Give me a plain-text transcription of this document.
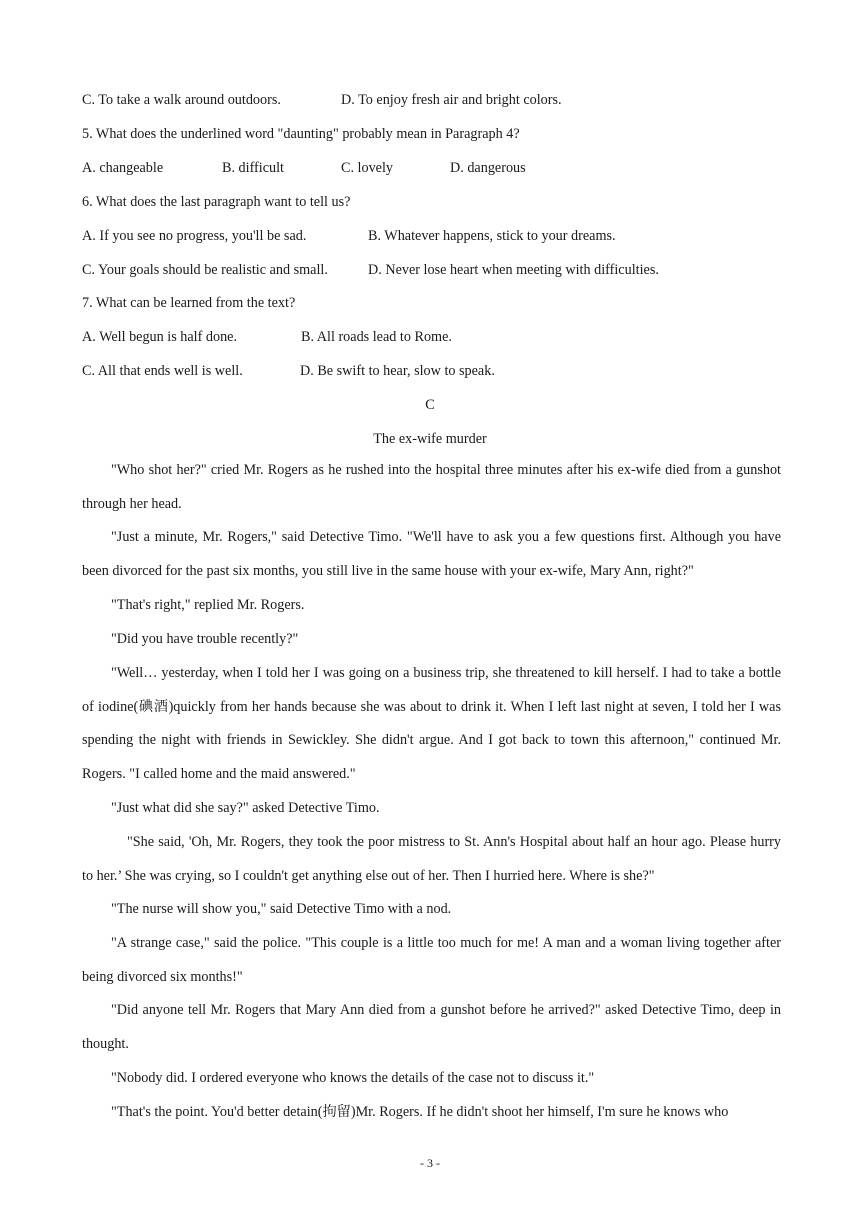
C. To take a walk around outdoors.	D. To enjoy fresh air and bright colors.
5. What does the underlined word "daunting" probably mean in Paragraph 4?
A. changeable	B. difficult	C. lovely	D. dangerous
6. What does the last paragraph want to tell us?
A. If you see no progress, you'll be sad.	B. Whatever happens, stick to your dreams.
C. Your goals should be realistic and small.	D. Never lose heart when meeting with difficulties.
7. What can be learned from the text?
A. Well begun is half done.	B. All roads lead to Rome.
C. All that ends well is well.	D. Be swift to hear, slow to speak.
C
The ex-wife murder
"Who shot her?" cried Mr. Rogers as he rushed into the hospital three minutes after his ex-wife died from a gunshot through her head.
"Just a minute, Mr. Rogers," said Detective Timo. "We'll have to ask you a few questions first. Although you have been divorced for the past six months, you still live in the same house with your ex-wife, Mary Ann, right?"
"That's right," replied Mr. Rogers.
"Did you have trouble recently?"
"Well… yesterday, when I told her I was going on a business trip, she threatened to kill herself. I had to take a bottle of iodine(碘酒)quickly from her hands because she was about to drink it. When I left last night at seven, I told her I was spending the night with friends in Sewickley. She didn't argue. And I got back to town this afternoon," continued Mr. Rogers. "I called home and the maid answered."
"Just what did she say?" asked Detective Timo.
"She said, 'Oh, Mr. Rogers, they took the poor mistress to St. Ann's Hospital about half an hour ago. Please hurry to her.’ She was crying, so I couldn't get anything else out of her. Then I hurried here. Where is she?"
"The nurse will show you," said Detective Timo with a nod.
"A strange case," said the police. "This couple is a little too much for me! A man and a woman living together after being divorced six months!"
"Did anyone tell Mr. Rogers that Mary Ann died from a gunshot before he arrived?" asked Detective Timo, deep in thought.
"Nobody did. I ordered everyone who knows the details of the case not to discuss it."
"That's the point. You'd better detain(拘留)Mr. Rogers. If he didn't shoot her himself, I'm sure he knows who
- 3 -
